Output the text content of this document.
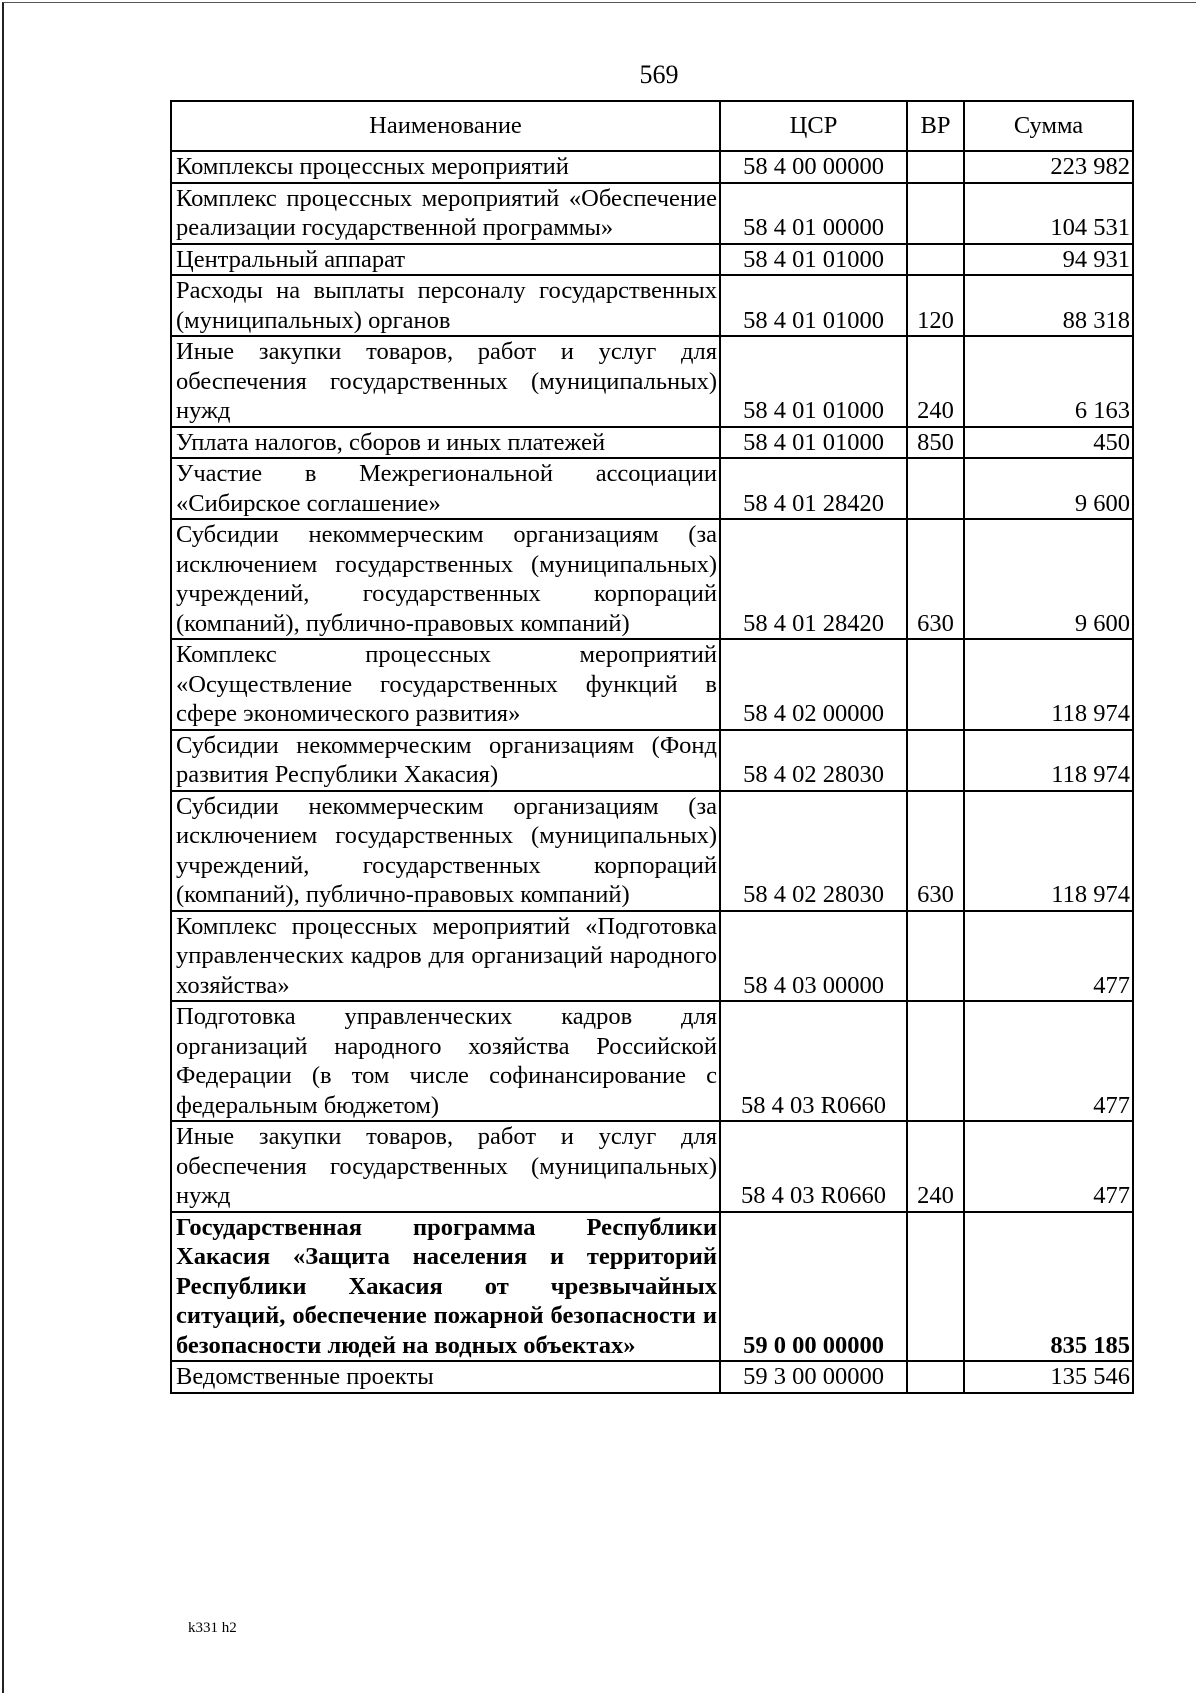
569
Наименование	ЦСР	ВР	Сумма
Комплексы процессных мероприятий	58 4 00 00000		223 982
Комплекс процессных мероприятий «Обеспечение реализации государственной программы»	58 4 01 00000		104 531
Центральный аппарат	58 4 01 01000		94 931
Расходы на выплаты персоналу государственных (муниципальных) органов	58 4 01 01000	120	88 318
Иные закупки товаров, работ и услуг для обеспечения государственных (муниципальных) нужд	58 4 01 01000	240	6 163
Уплата налогов, сборов и иных платежей	58 4 01 01000	850	450
Участие в Межрегиональной ассоциации «Сибирское соглашение»	58 4 01 28420		9 600
Субсидии некоммерческим организациям (за исключением государственных (муниципальных) учреждений, государственных корпораций (компаний), публично-правовых компаний)	58 4 01 28420	630	9 600
Комплекс процессных мероприятий «Осуществление государственных функций в сфере экономического развития»	58 4 02 00000		118 974
Субсидии некоммерческим организациям (Фонд развития Республики Хакасия)	58 4 02 28030		118 974
Субсидии некоммерческим организациям (за исключением государственных (муниципальных) учреждений, государственных корпораций (компаний), публично-правовых компаний)	58 4 02 28030	630	118 974
Комплекс процессных мероприятий «Подготовка управленческих кадров для организаций народного хозяйства»	58 4 03 00000		477
Подготовка управленческих кадров для организаций народного хозяйства Российской Федерации (в том числе софинансирование с федеральным бюджетом)	58 4 03 R0660		477
Иные закупки товаров, работ и услуг для обеспечения государственных (муниципальных) нужд	58 4 03 R0660	240	477
Государственная программа Республики Хакасия «Защита населения и территорий Республики Хакасия от чрезвычайных ситуаций, обеспечение пожарной безопасности и безопасности людей на водных объектах»	59 0 00 00000		835 185
Ведомственные проекты	59 3 00 00000		135 546
k331 h2
